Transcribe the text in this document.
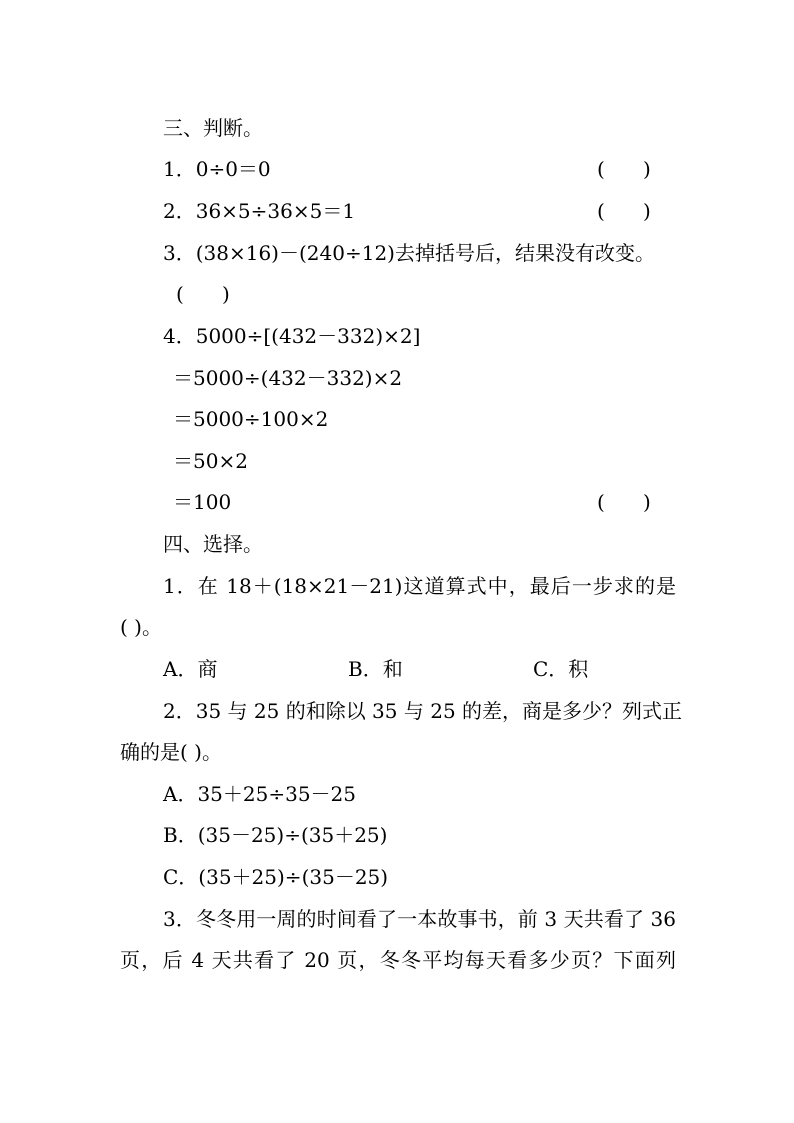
三、判断。
1．0÷0＝0	(      )
2．36×5÷36×5＝1	(      )
3．(38×16)－(240÷12)去掉括号后，结果没有改变。
(      )
4．5000÷[(432－332)×2]
＝5000÷(432－332)×2
＝5000÷100×2
＝50×2
＝100	(      )
四、选择。
1．在 18＋(18×21－21)这道算式中，最后一步求的是
( )。
A．商	B．和	C．积
2．35 与 25 的和除以 35 与 25 的差，商是多少？列式正
确的是( )。
A．35＋25÷35－25
B．(35－25)÷(35＋25)
C．(35＋25)÷(35－25)
3．冬冬用一周的时间看了一本故事书，前 3 天共看了 36
页，后 4 天共看了 20 页，冬冬平均每天看多少页？下面列
